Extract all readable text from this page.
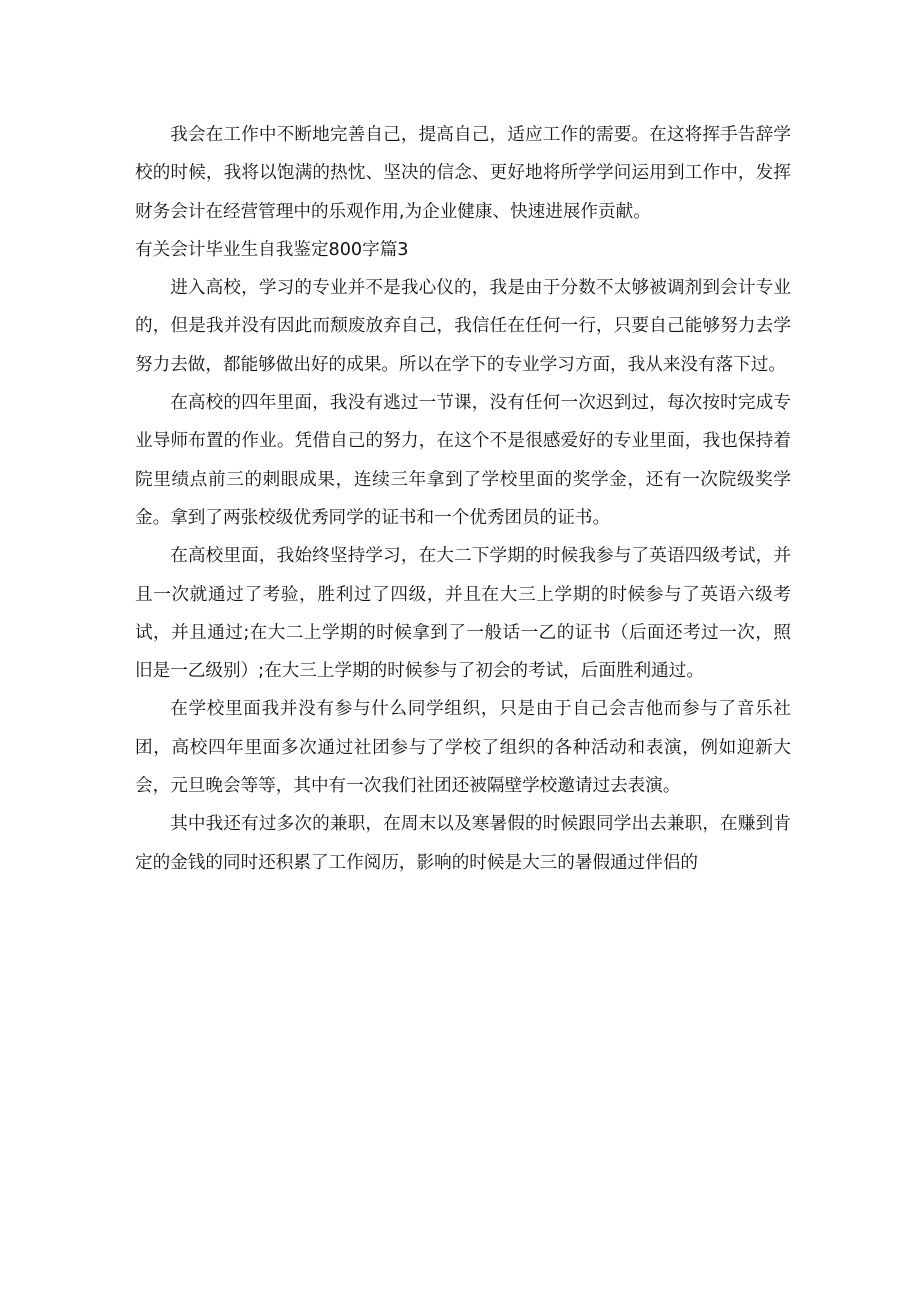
我会在工作中不断地完善自己，提高自己，适应工作的需要。在这将挥手告辞学校的时候，我将以饱满的热忱、坚决的信念、更好地将所学学问运用到工作中，发挥财务会计在经营管理中的乐观作用,为企业健康、快速进展作贡献。

有关会计毕业生自我鉴定800字篇3

进入高校，学习的专业并不是我心仪的，我是由于分数不太够被调剂到会计专业的，但是我并没有因此而颓废放弃自己，我信任在任何一行，只要自己能够努力去学努力去做，都能够做出好的成果。所以在学下的专业学习方面，我从来没有落下过。

在高校的四年里面，我没有逃过一节课，没有任何一次迟到过，每次按时完成专业导师布置的作业。凭借自己的努力，在这个不是很感爱好的专业里面，我也保持着院里绩点前三的刺眼成果，连续三年拿到了学校里面的奖学金，还有一次院级奖学金。拿到了两张校级优秀同学的证书和一个优秀团员的证书。

在高校里面，我始终坚持学习，在大二下学期的时候我参与了英语四级考试，并且一次就通过了考验，胜利过了四级，并且在大三上学期的时候参与了英语六级考试，并且通过;在大二上学期的时候拿到了一般话一乙的证书（后面还考过一次，照旧是一乙级别）;在大三上学期的时候参与了初会的考试，后面胜利通过。

在学校里面我并没有参与什么同学组织，只是由于自己会吉他而参与了音乐社团，高校四年里面多次通过社团参与了学校了组织的各种活动和表演，例如迎新大会，元旦晚会等等，其中有一次我们社团还被隔壁学校邀请过去表演。

其中我还有过多次的兼职，在周末以及寒暑假的时候跟同学出去兼职，在赚到肯定的金钱的同时还积累了工作阅历，影响的时候是大三的暑假通过伴侣的
